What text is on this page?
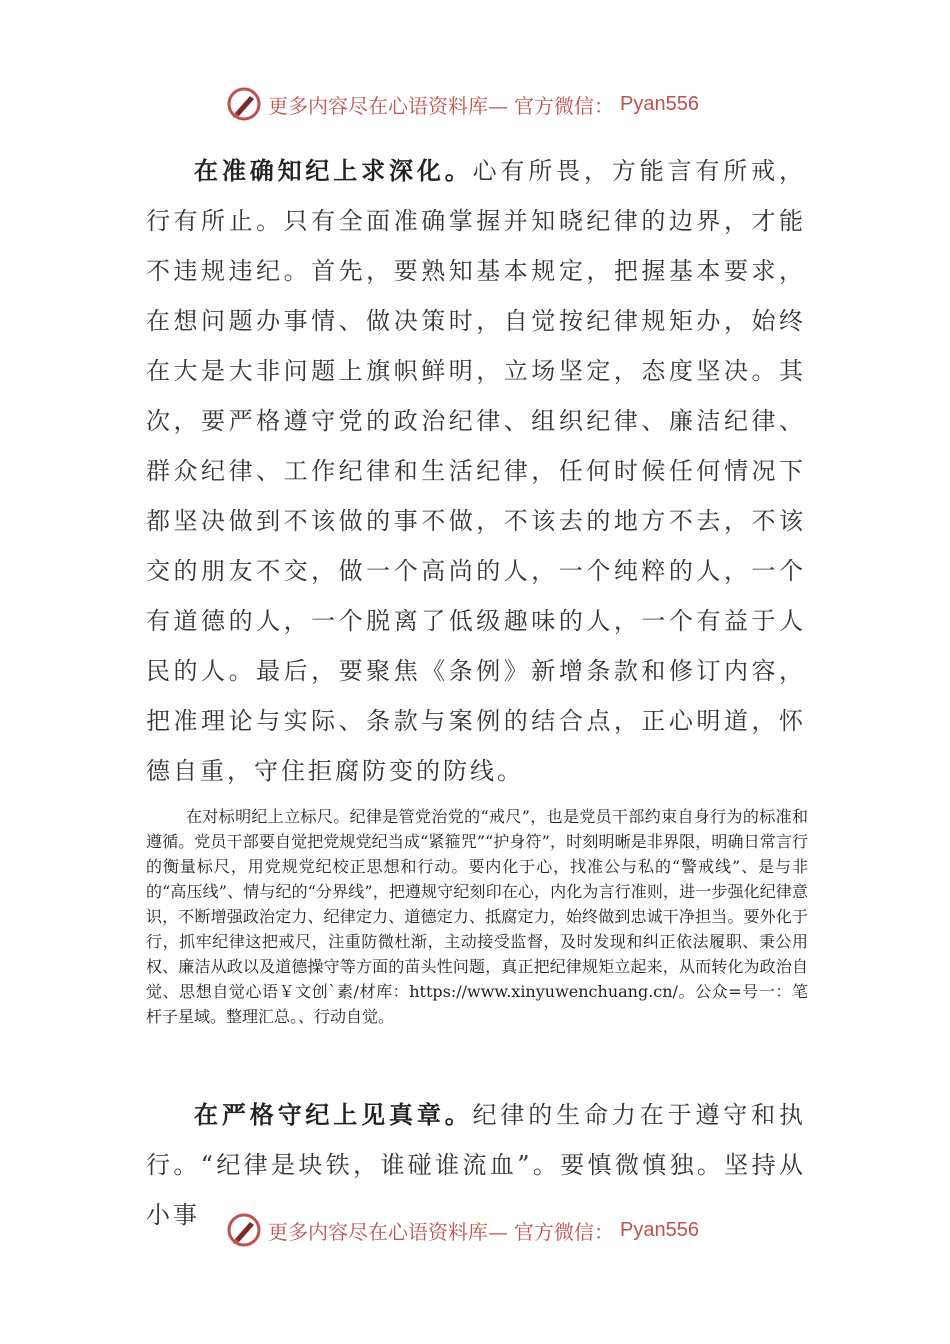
更多内容尽在心语资料库— 官方微信： Pyan556

在准确知纪上求深化。心有所畏，方能言有所戒，行有所止。只有全面准确掌握并知晓纪律的边界，才能不违规违纪。首先，要熟知基本规定，把握基本要求，在想问题办事情、做决策时，自觉按纪律规矩办，始终在大是大非问题上旗帜鲜明，立场坚定，态度坚决。其次，要严格遵守党的政治纪律、组织纪律、廉洁纪律、群众纪律、工作纪律和生活纪律，任何时候任何情况下都坚决做到不该做的事不做，不该去的地方不去，不该交的朋友不交，做一个高尚的人，一个纯粹的人，一个有道德的人，一个脱离了低级趣味的人，一个有益于人民的人。最后，要聚焦《条例》新增条款和修订内容，把准理论与实际、条款与案例的结合点，正心明道，怀德自重，守住拒腐防变的防线。

在对标明纪上立标尺。纪律是管党治党的“戒尺”，也是党员干部约束自身行为的标准和遵循。党员干部要自觉把党规党纪当成“紧箍咒”“护身符”，时刻明晰是非界限，明确日常言行的衡量标尺，用党规党纪校正思想和行动。要内化于心，找准公与私的“警戒线”、是与非的“高压线”、情与纪的“分界线”，把遵规守纪刻印在心，内化为言行准则，进一步强化纪律意识，不断增强政治定力、纪律定力、道德定力、抵腐定力，始终做到忠诚干净担当。要外化于行，抓牢纪律这把戒尺，注重防微杜渐，主动接受监督，及时发现和纠正依法履职、秉公用权、廉洁从政以及道德操守等方面的苗头性问题，真正把纪律规矩立起来，从而转化为政治自觉、思想自觉心语￥文创`素/材库：https://www.xinyuwenchuang.cn/。公众=号一：笔杆子星域。整理汇总。、行动自觉。

在严格守纪上见真章。纪律的生命力在于遵守和执行。“纪律是块铁，谁碰谁流血”。要慎微慎独。坚持从小事

更多内容尽在心语资料库— 官方微信： Pyan556
